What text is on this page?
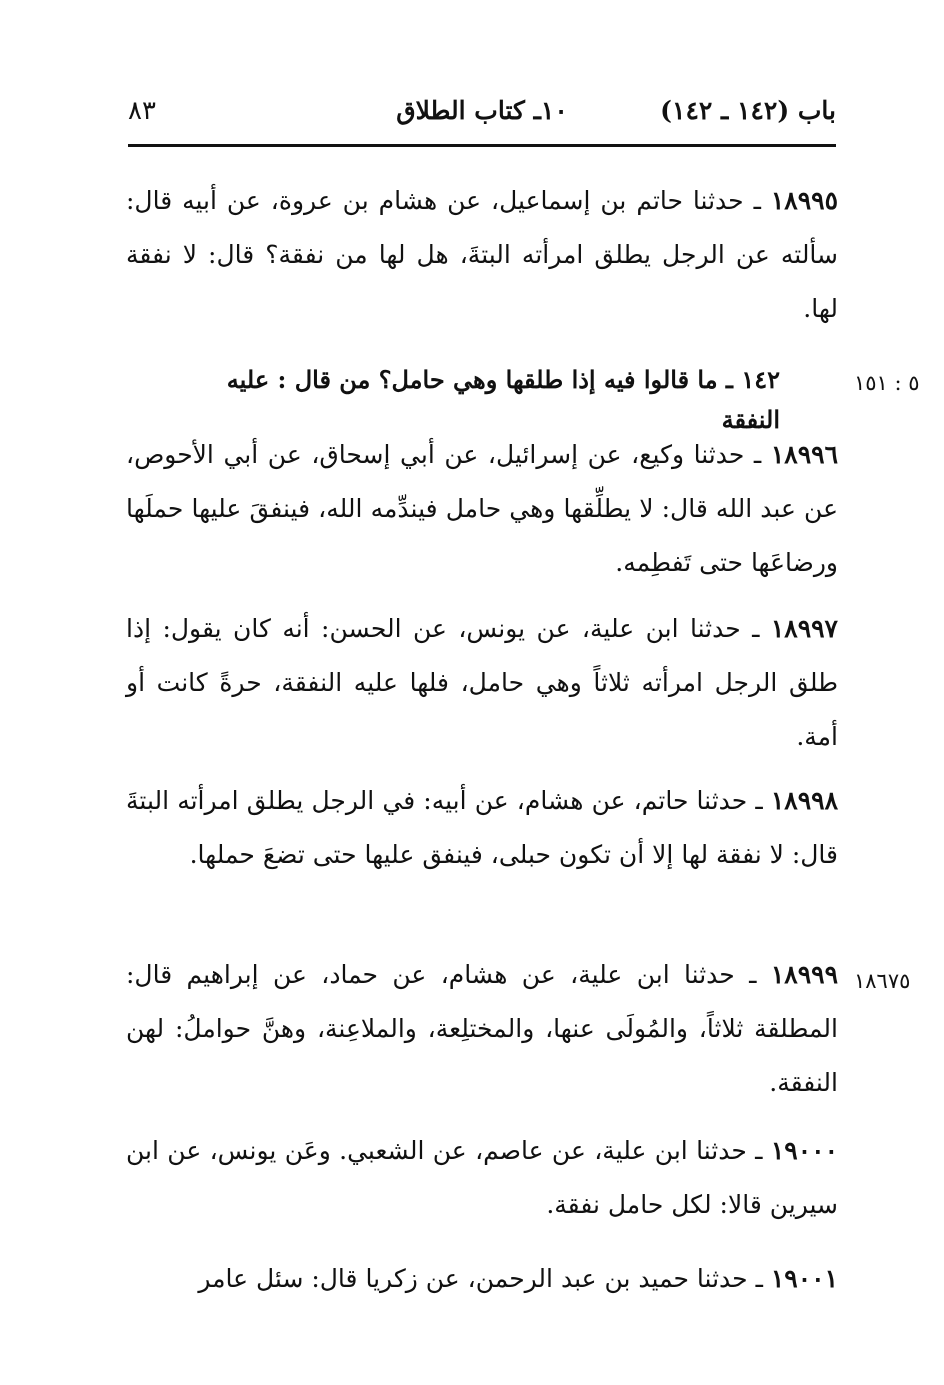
باب (١٤٢ ـ ١٤٢)
١٠ـ كتاب الطلاق
٨٣
١٨٩٩٥ ـ حدثنا حاتم بن إسماعيل، عن هشام بن عروة، عن أبيه قال: سألته عن الرجل يطلق امرأته البتةَ، هل لها من نفقة؟ قال: لا نفقة لها.
١٤٢ ـ ما قالوا فيه إذا طلقها وهي حامل؟ من قال : عليه النفقة
٥ : ١٥١
١٨٩٩٦ ـ حدثنا وكيع، عن إسرائيل، عن أبي إسحاق، عن أبي الأحوص، عن عبد الله قال: لا يطلِّقها وهي حامل فيندِّمه الله، فينفقَ عليها حملَها ورضاعَها حتى تَفطِمه.
١٨٩٩٧ ـ حدثنا ابن علية، عن يونس، عن الحسن: أنه كان يقول: إذا طلق الرجل امرأته ثلاثاً وهي حامل، فلها عليه النفقة، حرةً كانت أو أمة.
١٨٩٩٨ ـ حدثنا حاتم، عن هشام، عن أبيه: في الرجل يطلق امرأته البتةَ قال: لا نفقة لها إلا أن تكون حبلى، فينفق عليها حتى تضعَ حملها.
١٨٩٩٩ ـ حدثنا ابن علية، عن هشام، عن حماد، عن إبراهيم قال: المطلقة ثلاثاً، والمُولَى عنها، والمختلِعة، والملاعِنة، وهنَّ حواملُ: لهن النفقة.
١٨٦٧٥
١٩٠٠٠ ـ حدثنا ابن علية، عن عاصم، عن الشعبي. وعَن يونس، عن ابن سيرين قالا: لكل حامل نفقة.
١٩٠٠١ ـ حدثنا حميد بن عبد الرحمن، عن زكريا قال: سئل عامر
